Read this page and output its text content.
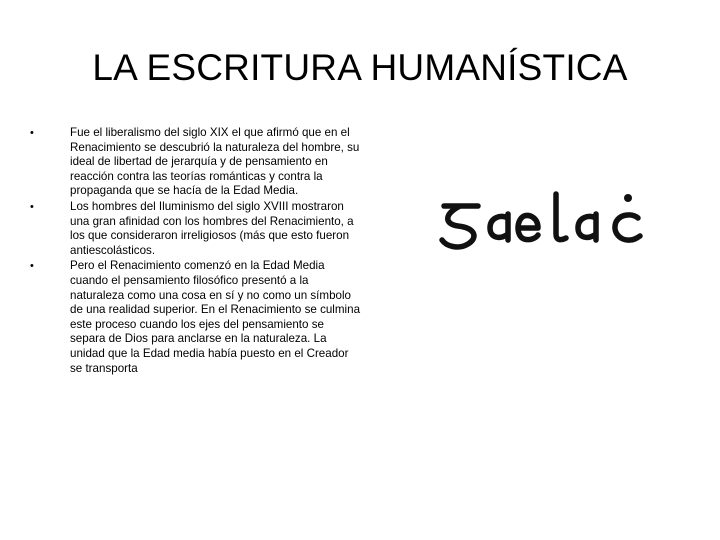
LA ESCRITURA HUMANÍSTICA
•	Fue el liberalismo del siglo XIX el que afirmó que en el Renacimiento se descubrió la naturaleza del hombre, su ideal de libertad de jerarquía y de pensamiento en reacción contra las teorías románticas y contra la propaganda que se hacía de la Edad Media.
•	Los hombres del Iluminismo del siglo XVIII mostraron una gran afinidad con los hombres del Renacimiento, a los que consideraron irreligiosos (más que esto fueron antiescolásticos.
•	Pero el Renacimiento comenzó en la Edad Media cuando el pensamiento filosófico presentó a la naturaleza como una cosa en sí y no como un símbolo de una realidad superior. En el Renacimiento se culmina este proceso cuando los ejes del pensamiento se separa de Dios para anclarse en la naturaleza. La unidad que la Edad media había puesto en el Creador se transporta
